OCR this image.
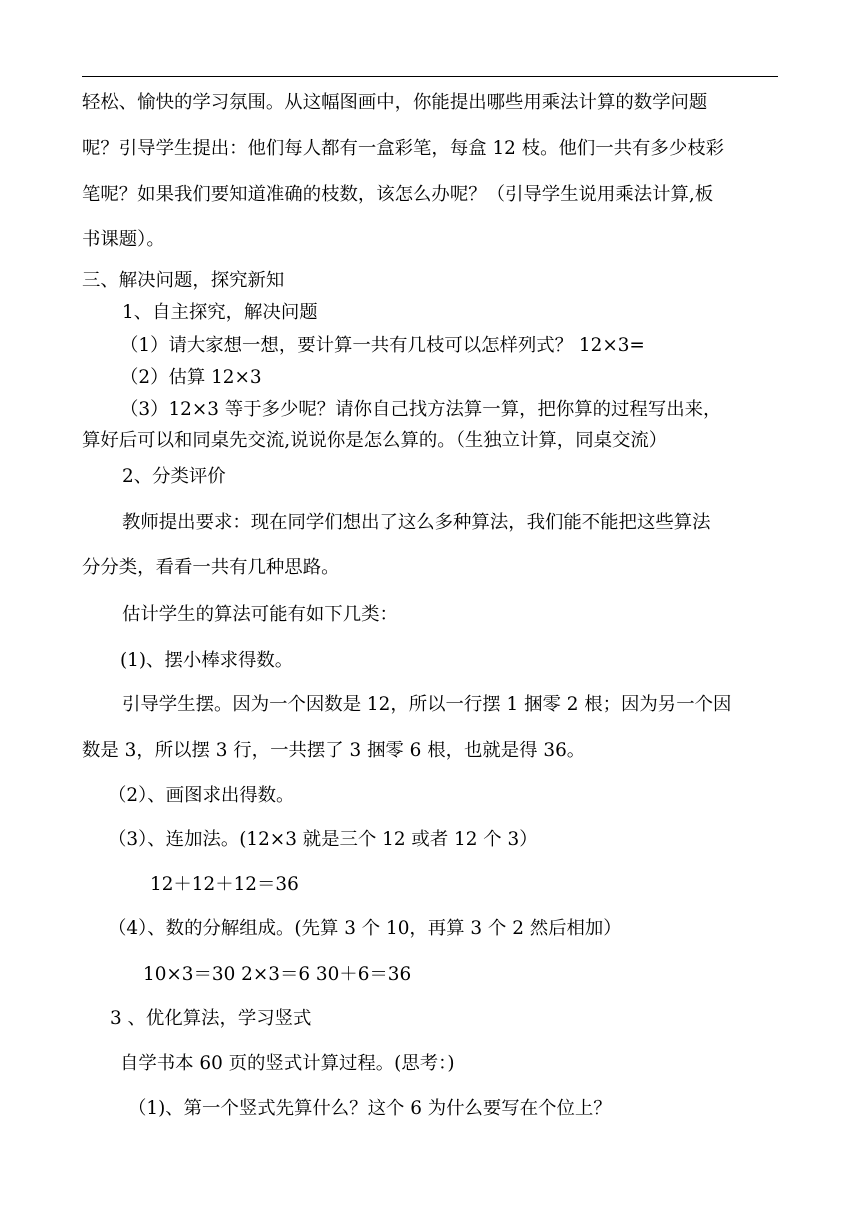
轻松、愉快的学习氛围。从这幅图画中，你能提出哪些用乘法计算的数学问题
呢？引导学生提出：他们每人都有一盒彩笔，每盒 12 枝。他们一共有多少枝彩
笔呢？如果我们要知道准确的枝数，该怎么办呢？（引导学生说用乘法计算,板
书课题）。
三、解决问题，探究新知
1、自主探究，解决问题
（1）请大家想一想，要计算一共有几枝可以怎样列式？ 12×3=
（2）估算 12×3
（3）12×3 等于多少呢？请你自己找方法算一算，把你算的过程写出来，
算好后可以和同桌先交流,说说你是怎么算的。（生独立计算，同桌交流）
2、分类评价
教师提出要求：现在同学们想出了这么多种算法，我们能不能把这些算法
分分类，看看一共有几种思路。
估计学生的算法可能有如下几类：
(1)、摆小棒求得数。
引导学生摆。因为一个因数是 12，所以一行摆 1 捆零 2 根；因为另一个因
数是 3，所以摆 3 行，一共摆了 3 捆零 6 根，也就是得 36。
（2）、画图求出得数。
（3）、连加法。(12×3 就是三个 12 或者 12 个 3）
12＋12＋12＝36
（4）、数的分解组成。(先算 3 个 10，再算 3 个 2 然后相加）
10×3＝30 2×3＝6 30＋6＝36
3 、优化算法，学习竖式
自学书本 60 页的竖式计算过程。(思考：)
（1)、第一个竖式先算什么？这个 6 为什么要写在个位上？
